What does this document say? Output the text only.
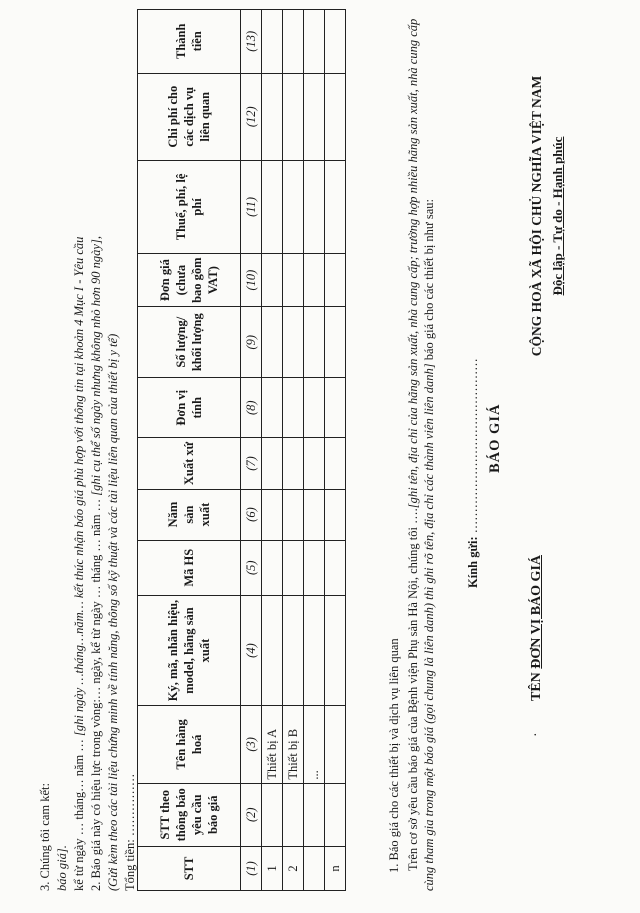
·
TÊN ĐƠN VỊ BÁO GIÁ
CỘNG HOÀ XÃ HỘI CHỦ NGHĨA VIỆT NAM Độc lập - Tự do - Hạnh phúc
BÁO GIÁ
Kính gửi: ……………………………………
Trên cơ sở yêu cầu báo giá của Bệnh viện Phụ sản Hà Nội, chúng tôi ….[ghi tên, địa chỉ của hãng sản xuất, nhà cung cấp; trường hợp nhiều hãng sản xuất, nhà cung cấp cùng tham gia trong một báo giá (gọi chung là liên danh) thì ghi rõ tên, địa chỉ các thành viên liên danh] báo giá cho các thiết bị như sau:
1. Báo giá cho các thiết bị và dịch vụ liên quan
STT	STT theo thông báo yêu cầu báo giá	Tên hàng hoá	Ký, mã, nhãn hiệu, model, hãng sản xuất	Mã HS	Năm sản xuất	Xuất xứ	Đơn vị tính	Số lượng/ khối lượng	Đơn giá (chưa bao gồm VAT)	Thuế, phí, lệ phí	Chi phí cho các dịch vụ liên quan	Thành tiền
(1)	(2)	(3)	(4)	(5)	(6)	(7)	(8)	(9)	(10)	(11)	(12)	(13)
1		Thiết bị A										
2		Thiết bị B										
		...										
n												
Tổng tiền: ……………
(Gửi kèm theo các tài liệu chứng minh về tính năng, thông số kỹ thuật và các tài liệu liên quan của thiết bị y tế)
2. Báo giá này có hiệu lực trong vòng:… ngày, kể từ ngày … tháng … năm … [ghi cụ thể số ngày nhưng không nhỏ hơn 90 ngày],
kể từ ngày … tháng… năm … [ghi ngày …tháng…năm… kết thúc nhận báo giá phù hợp với thông tin tại khoản 4 Mục I - Yêu cầu
báo giá].
3. Chúng tôi cam kết:
